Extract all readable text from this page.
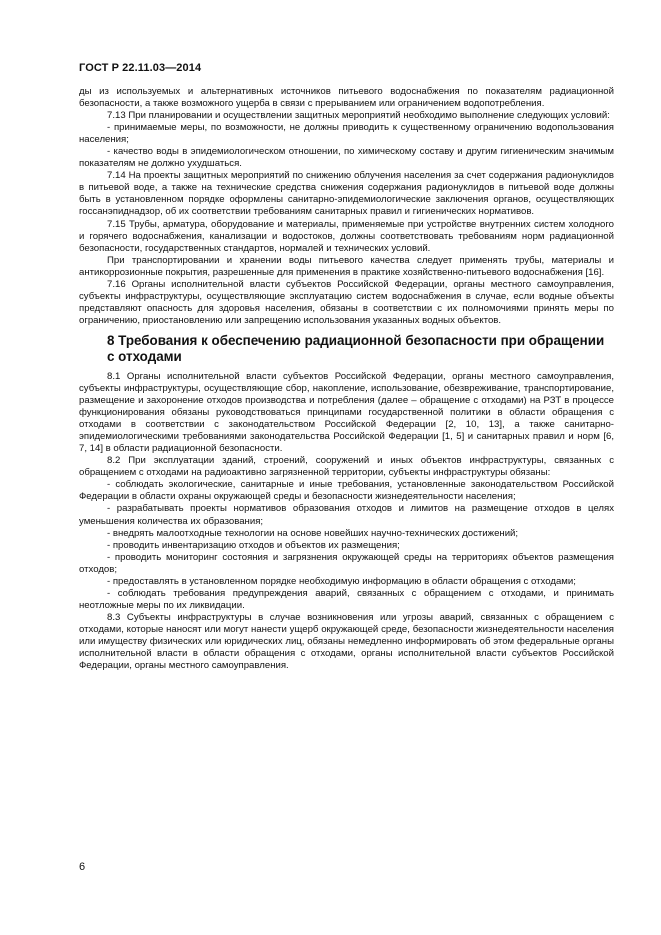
ГОСТ Р 22.11.03—2014

ды из используемых и альтернативных источников питьевого водоснабжения по показателям радиационной безопасности, а также возможного ущерба в связи с прерыванием или ограничением водопотребления.

7.13 При планировании и осуществлении защитных мероприятий необходимо выполнение следующих условий:

- принимаемые меры, по возможности, не должны приводить к существенному ограничению водопользования населения;

- качество воды в эпидемиологическом отношении, по химическому составу и другим гигиеническим значимым показателям не должно ухудшаться.

7.14 На проекты защитных мероприятий по снижению облучения населения за счет содержания радионуклидов в питьевой воде, а также на технические средства снижения содержания радионуклидов в питьевой воде должны быть в установленном порядке оформлены санитарно-эпидемиологические заключения органов, осуществляющих госсанэпиднадзор, об их соответствии требованиям санитарных правил и гигиенических нормативов.

7.15 Трубы, арматура, оборудование и материалы, применяемые при устройстве внутренних систем холодного и горячего водоснабжения, канализации и водостоков, должны соответствовать требованиям норм радиационной безопасности, государственных стандартов, нормалей и технических условий.

При транспортировании и хранении воды питьевого качества следует применять трубы, материалы и антикоррозионные покрытия, разрешенные для применения в практике хозяйственно-питьевого водоснабжения [16].

7.16 Органы исполнительной власти субъектов Российской Федерации, органы местного самоуправления, субъекты инфраструктуры, осуществляющие эксплуатацию систем водоснабжения в случае, если водные объекты представляют опасность для здоровья населения, обязаны в соответствии с их полномочиями принять меры по ограничению, приостановлению или запрещению использования указанных водных объектов.

8 Требования к обеспечению радиационной безопасности при обращении с отходами

8.1 Органы исполнительной власти субъектов Российской Федерации, органы местного самоуправления, субъекты инфраструктуры, осуществляющие сбор, накопление, использование, обезвреживание, транспортирование, размещение и захоронение отходов производства и потребления (далее – обращение с отходами) на РЗТ в процессе функционирования обязаны руководствоваться принципами государственной политики в области обращения с отходами в соответствии с законодательством Российской Федерации [2, 10, 13], а также санитарно-эпидемиологическими требованиями законодательства Российской Федерации [1, 5] и санитарных правил и норм [6, 7, 14] в области радиационной безопасности.

8.2 При эксплуатации зданий, строений, сооружений и иных объектов инфраструктуры, связанных с обращением с отходами на радиоактивно загрязненной территории, субъекты инфраструктуры обязаны:

- соблюдать экологические, санитарные и иные требования, установленные законодательством Российской Федерации в области охраны окружающей среды и безопасности жизнедеятельности населения;

- разрабатывать проекты нормативов образования отходов и лимитов на размещение отходов в целях уменьшения количества их образования;

- внедрять малоотходные технологии на основе новейших научно-технических достижений;

- проводить инвентаризацию отходов и объектов их размещения;

- проводить мониторинг состояния и загрязнения окружающей среды на территориях объектов размещения отходов;

- предоставлять в установленном порядке необходимую информацию в области обращения с отходами;

- соблюдать требования предупреждения аварий, связанных с обращением с отходами, и принимать неотложные меры по их ликвидации.

8.3 Субъекты инфраструктуры в случае возникновения или угрозы аварий, связанных с обращением с отходами, которые наносят или могут нанести ущерб окружающей среде, безопасности жизнедеятельности населения или имуществу физических или юридических лиц, обязаны немедленно информировать об этом федеральные органы исполнительной власти в области обращения с отходами, органы исполнительной власти субъектов Российской Федерации, органы местного самоуправления.

6
